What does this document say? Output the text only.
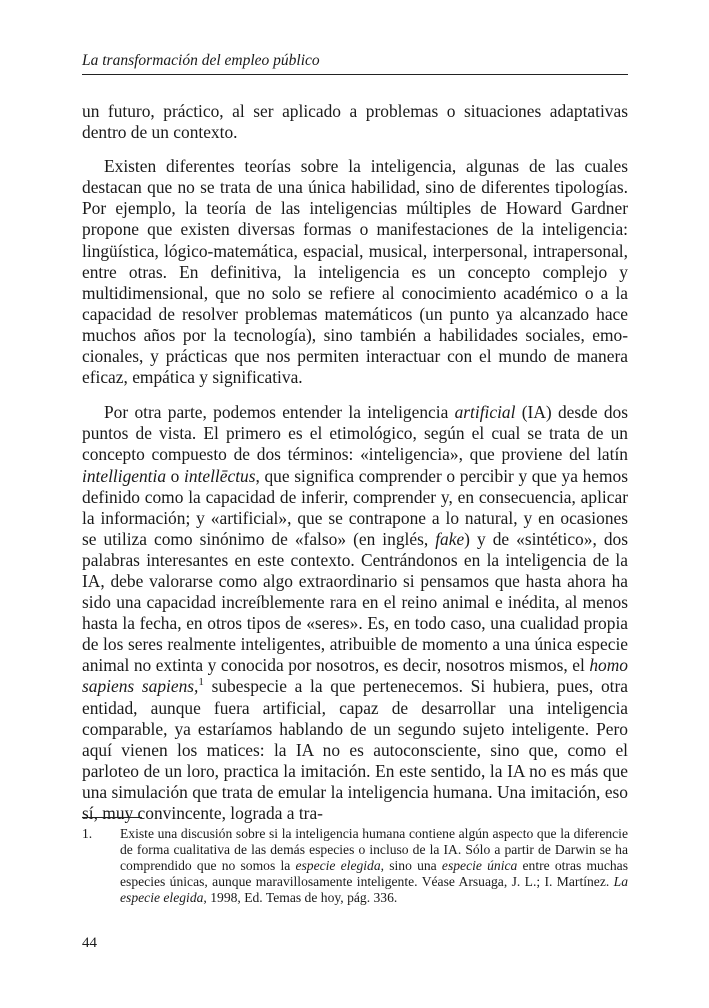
La transformación del empleo público

un futuro, práctico, al ser aplicado a problemas o situaciones adaptativas dentro de un contexto.

Existen diferentes teorías sobre la inteligencia, algunas de las cuales destacan que no se trata de una única habilidad, sino de diferentes tipologías. Por ejemplo, la teoría de las inteligencias múltiples de Howard Gardner propone que existen diversas formas o manifestaciones de la inteligencia: lingüística, lógico-matemática, espacial, musical, interpersonal, intrapersonal, entre otras. En definitiva, la inteligencia es un concepto complejo y multidimensional, que no solo se refiere al conocimiento académico o a la capacidad de resolver problemas matemáticos (un punto ya alcanzado hace muchos años por la tecnología), sino también a habilidades sociales, emocionales, y prácticas que nos permiten interactuar con el mundo de manera eficaz, empática y significativa.

Por otra parte, podemos entender la inteligencia artificial (IA) desde dos puntos de vista. El primero es el etimológico, según el cual se trata de un concepto compuesto de dos términos: «inteligencia», que proviene del latín intelligentia o intellēctus, que significa comprender o percibir y que ya hemos definido como la capacidad de inferir, comprender y, en consecuencia, aplicar la información; y «artificial», que se contrapone a lo natural, y en ocasiones se utiliza como sinónimo de «falso» (en inglés, fake) y de «sintético», dos palabras interesantes en este contexto. Centrándonos en la inteligencia de la IA, debe valorarse como algo extraordinario si pensamos que hasta ahora ha sido una capacidad increíblemente rara en el reino animal e inédita, al menos hasta la fecha, en otros tipos de «seres». Es, en todo caso, una cualidad propia de los seres realmente inteligentes, atribuible de momento a una única especie animal no extinta y conocida por nosotros, es decir, nosotros mismos, el homo sapiens sapiens,$^1$ subespecie a la que pertenecemos. Si hubiera, pues, otra entidad, aunque fuera artificial, capaz de desarrollar una inteligencia comparable, ya estaríamos hablando de un segundo sujeto inteligente. Pero aquí vienen los matices: la IA no es autoconsciente, sino que, como el parloteo de un loro, practica la imitación. En este sentido, la IA no es más que una simulación que trata de emular la inteligencia humana. Una imitación, eso sí, muy convincente, lograda a tra-

1.	Existe una discusión sobre si la inteligencia humana contiene algún aspecto que la diferencie de forma cualitativa de las demás especies o incluso de la IA. Sólo a partir de Darwin se ha comprendido que no somos la especie elegida, sino una especie única entre otras muchas especies únicas, aunque maravillosamente inteligente. Véase Arsuaga, J. L.; I. Martínez. La especie elegida, 1998, Ed. Temas de hoy, pág. 336.
44
